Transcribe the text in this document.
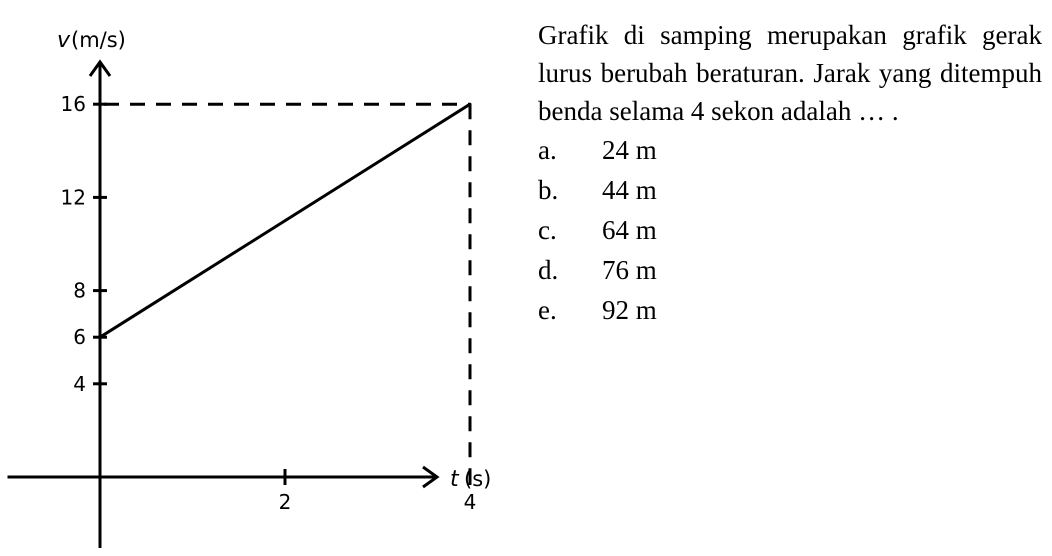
2	4
4
6
8
12
16
v (m/s)
t (s)

Grafik di samping merupakan grafik gerak lurus berubah beraturan. Jarak yang ditempuh benda selama 4 sekon adalah … .

a.	24 m
b.	44 m
c.	64 m
d.	76 m
e.	92 m
